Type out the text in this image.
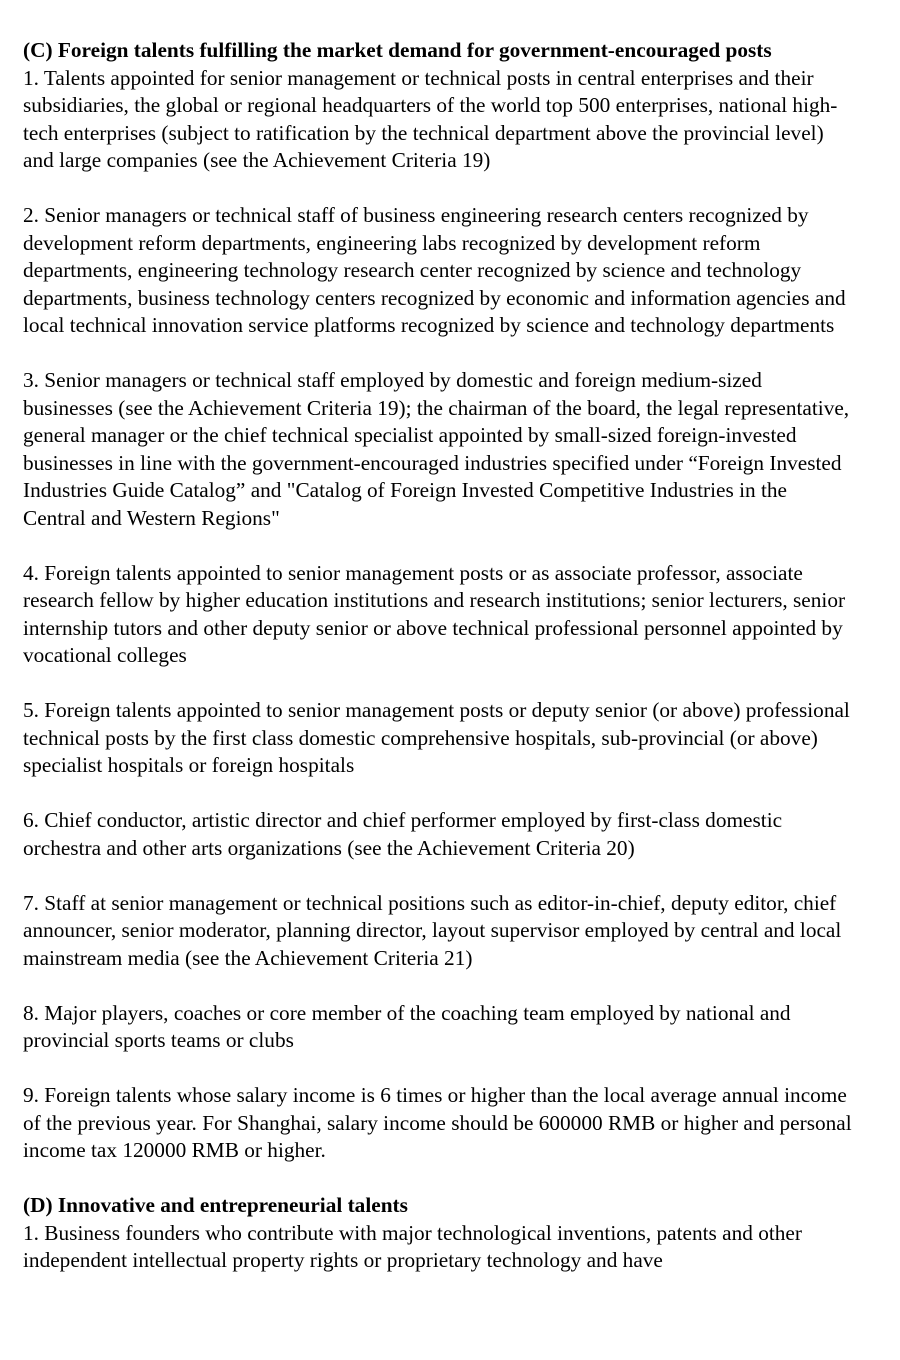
(C) Foreign talents fulfilling the market demand for government-encouraged posts

1. Talents appointed for senior management or technical posts in central enterprises and their subsidiaries, the global or regional headquarters of the world top 500 enterprises, national high-tech enterprises (subject to ratification by the technical department above the provincial level) and large companies (see the Achievement Criteria 19)

2. Senior managers or technical staff of business engineering research centers recognized by development reform departments, engineering labs recognized by development reform departments, engineering technology research center recognized by science and technology departments, business technology centers recognized by economic and information agencies and local technical innovation service platforms recognized by science and technology departments

3. Senior managers or technical staff employed by domestic and foreign medium-sized businesses (see the Achievement Criteria 19); the chairman of the board, the legal representative, general manager or the chief technical specialist appointed by small-sized foreign-invested businesses in line with the government-encouraged industries specified under “Foreign Invested Industries Guide Catalog” and "Catalog of Foreign Invested Competitive Industries in the Central and Western Regions"

4. Foreign talents appointed to senior management posts or as associate professor, associate research fellow by higher education institutions and research institutions; senior lecturers, senior internship tutors and other deputy senior or above technical professional personnel appointed by vocational colleges

5. Foreign talents appointed to senior management posts or deputy senior (or above) professional technical posts by the first class domestic comprehensive hospitals, sub-provincial (or above) specialist hospitals or foreign hospitals

6. Chief conductor, artistic director and chief performer employed by first-class domestic orchestra and other arts organizations (see the Achievement Criteria 20)

7. Staff at senior management or technical positions such as editor-in-chief, deputy editor, chief announcer, senior moderator, planning director, layout supervisor employed by central and local mainstream media (see the Achievement Criteria 21)

8. Major players, coaches or core member of the coaching team employed by national and provincial sports teams or clubs

9. Foreign talents whose salary income is 6 times or higher than the local average annual income of the previous year. For Shanghai, salary income should be 600000 RMB or higher and personal income tax 120000 RMB or higher.

(D) Innovative and entrepreneurial talents

1. Business founders who contribute with major technological inventions, patents and other independent intellectual property rights or proprietary technology and have
